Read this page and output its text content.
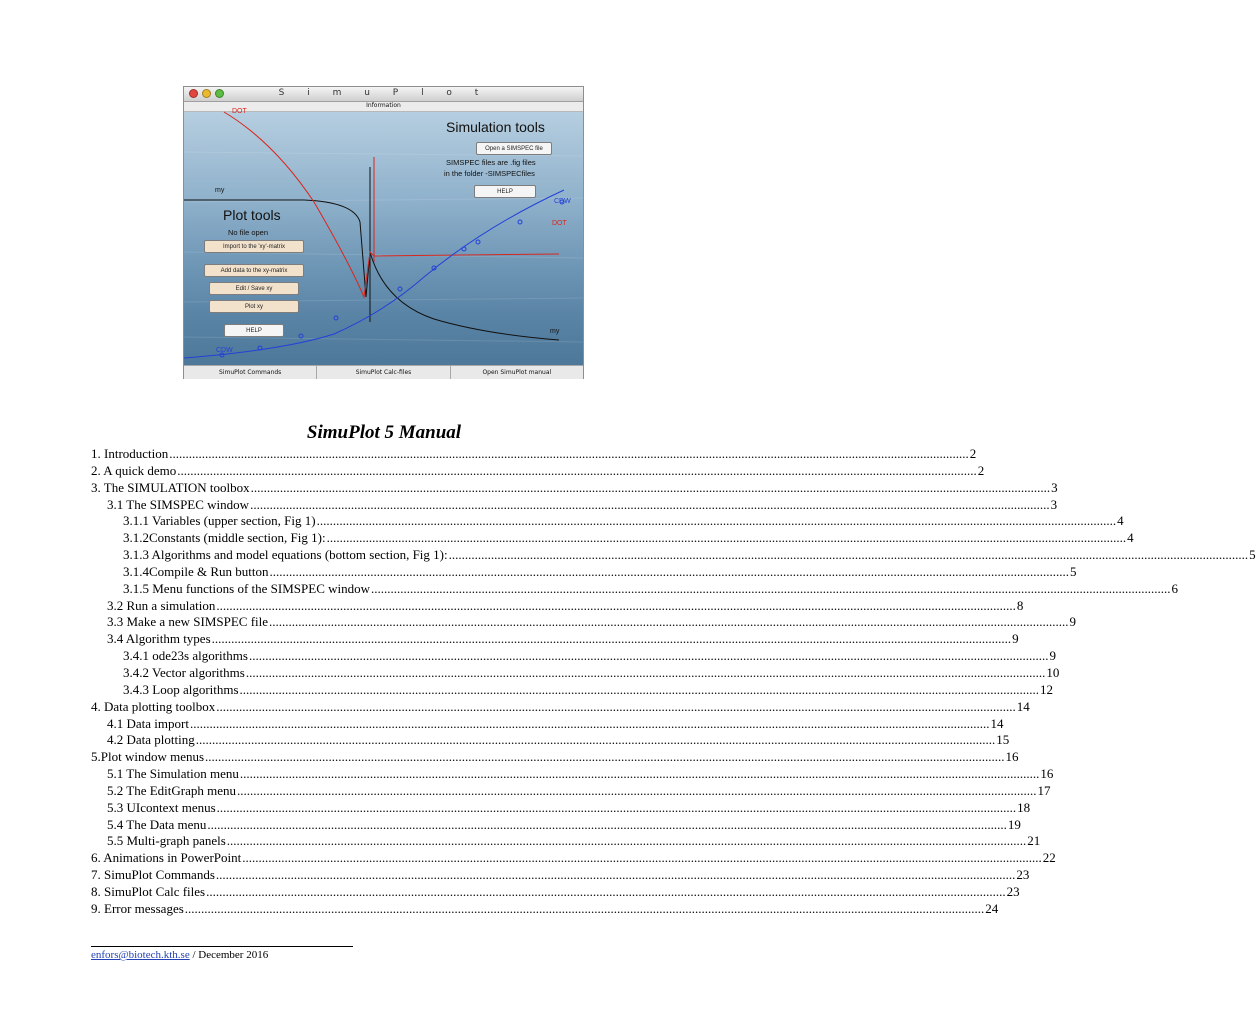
S i m u P l o t
Information
DOT
DOT
my
my
CDW
CDW
Simulation tools
Open a SIMSPEC file
SIMSPEC files are .fig files
in the folder -SIMSPECfiles
HELP
Plot tools
No file open
Import to the 'xy'-matrix
Add data to the xy-matrix
Edit / Save xy
Plot xy
HELP
SimuPlot Commands	SimuPlot Calc-files	Open SimuPlot manual
SimuPlot 5 Manual
1. Introduction .....	2
2. A quick demo .....	2
3. The SIMULATION toolbox .....	3
3.1 The SIMSPEC window .....	3
3.1.1 Variables (upper section, Fig 1) .....	4
3.1.2Constants (middle section, Fig 1): .....	4
3.1.3 Algorithms and model equations (bottom section, Fig 1): .....	5
3.1.4Compile & Run button .....	5
3.1.5 Menu functions of the SIMSPEC window .....	6
3.2 Run a simulation .....	8
3.3 Make a new SIMSPEC file .....	9
3.4 Algorithm types .....	9
3.4.1 ode23s algorithms .....	9
3.4.2 Vector algorithms .....	10
3.4.3 Loop algorithms .....	12
4. Data plotting toolbox .....	14
4.1 Data import .....	14
4.2 Data plotting .....	15
5.Plot window menus .....	16
5.1 The Simulation menu .....	16
5.2 The EditGraph menu .....	17
5.3 UIcontext menus .....	18
5.4 The Data menu .....	19
5.5 Multi-graph panels .....	21
6. Animations in PowerPoint .....	22
7. SimuPlot Commands .....	23
8. SimuPlot Calc files .....	23
9. Error messages .....	24
enfors@biotech.kth.se / December 2016
